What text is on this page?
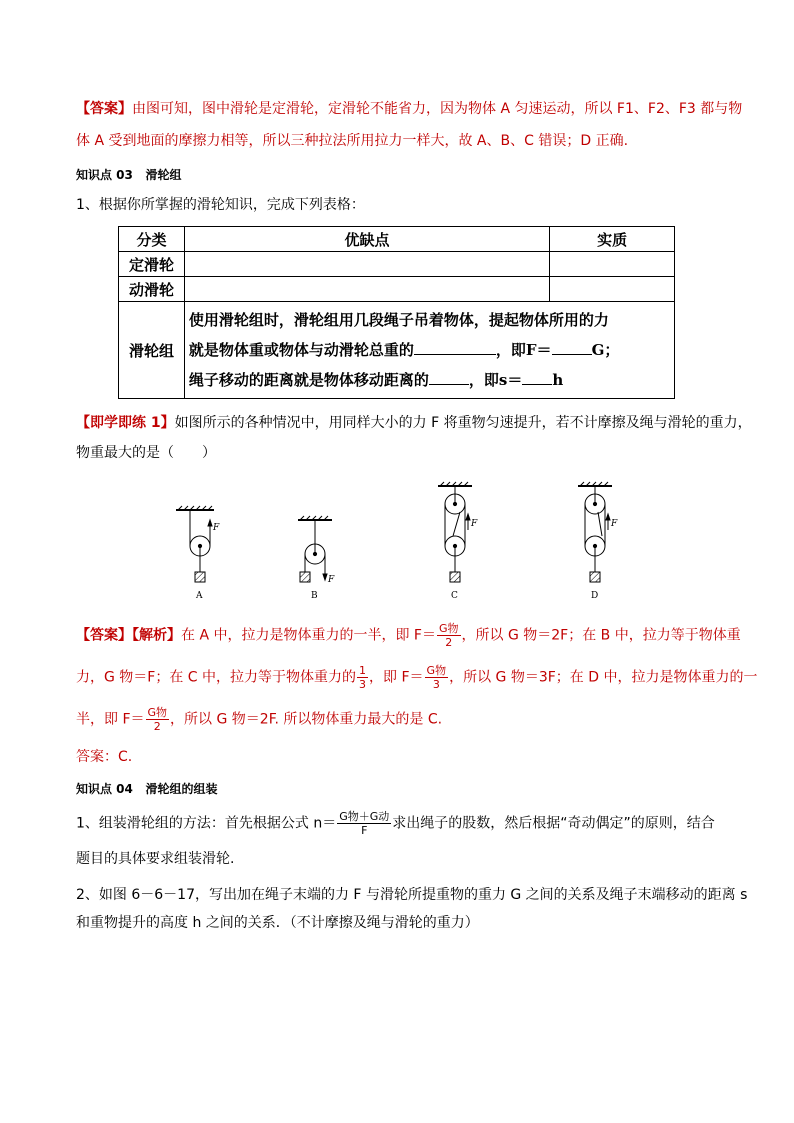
【答案】由图可知，图中滑轮是定滑轮，定滑轮不能省力，因为物体 A 匀速运动，所以 F1、F2、F3 都与物
体 A 受到地面的摩擦力相等，所以三种拉法所用拉力一样大，故 A、B、C 错误；D 正确.
知识点 03 滑轮组
1、根据你所掌握的滑轮知识，完成下列表格：
分类	优缺点	实质
定滑轮		
动滑轮		
滑轮组	使用滑轮组时，滑轮组用几段绳子吊着物体，提起物体所用的力
就是物体重或物体与动滑轮总重的 ，即F＝ G；
绳子移动的距离就是物体移动距离的 ，即s＝ h	
【即学即练 1】如图所示的各种情况中，用同样大小的力 F 将重物匀速提升，若不计摩擦及绳与滑轮的重力，
物重最大的是（　　）
F
F
F	F
A	B	C	D
【答案】【解析】在 A 中，拉力是物体重力的一半，即 $F= \frac{\text{G物}}{2}$ ，所以 G 物＝2F；在 B 中，拉力等于物体重
力，G 物＝F；在 C 中，拉力等于物体重力的 $\frac{1}{3}$ ，即 $F= \frac{\text{G物}}{3}$ ，所以 G 物＝3F；在 D 中，拉力是物体重力的一
半，即 $F= \frac{\text{G物}}{2}$ ，所以 G 物＝2F. 所以物体重力最大的是 C.
答案：C.
知识点 04 滑轮组的组装
1、组装滑轮组的方法：首先根据公式 $n= \frac{\text{G物＋G动}}{F}$ 求出绳子的股数，然后根据“奇动偶定”的原则，结合
题目的具体要求组装滑轮.
2、如图 6－6－17，写出加在绳子末端的力 F 与滑轮所提重物的重力 G 之间的关系及绳子末端移动的距离 s
和重物提升的高度 h 之间的关系．（不计摩擦及绳与滑轮的重力）
